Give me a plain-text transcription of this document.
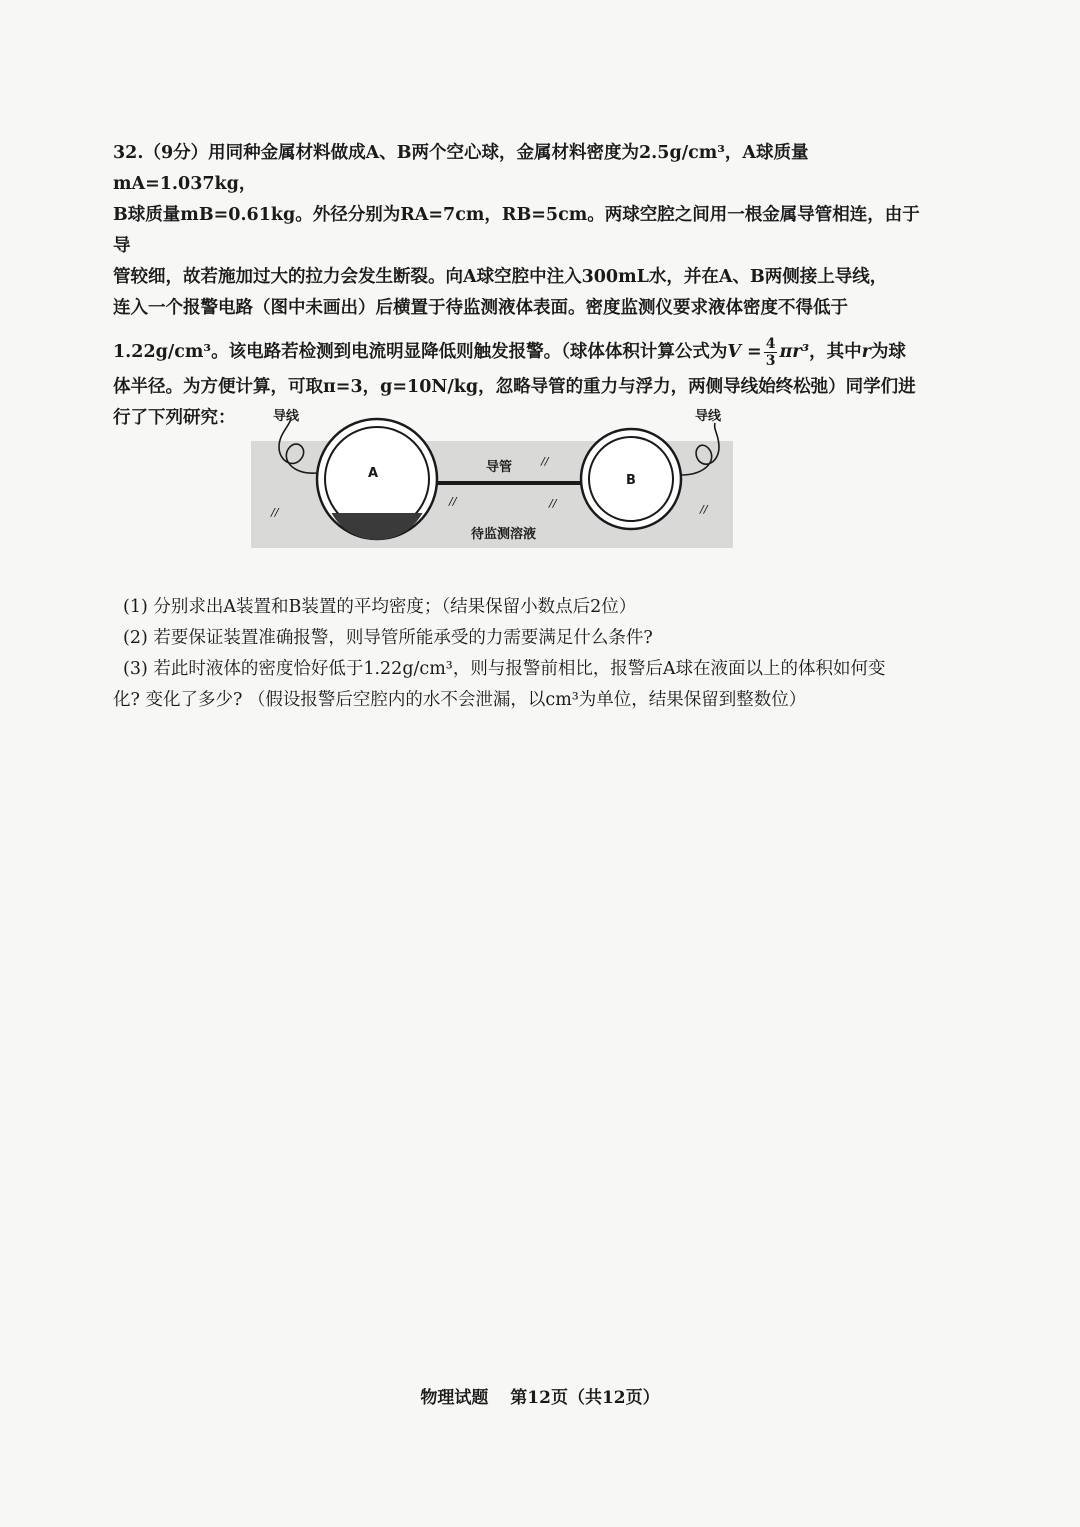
32.（9分）用同种金属材料做成A、B两个空心球，金属材料密度为2.5g/cm³，A球质量mA=1.037kg，

B球质量mB=0.61kg。外径分别为RA=7cm，RB=5cm。两球空腔之间用一根金属导管相连，由于导

管较细，故若施加过大的拉力会发生断裂。向A球空腔中注入300mL水，并在A、B两侧接上导线，

连入一个报警电路（图中未画出）后横置于待监测液体表面。密度监测仪要求液体密度不得低于

1.22g/cm³。该电路若检测到电流明显降低则触发报警。（球体体积计算公式为$V = \frac{4}{3} \pi r^3$，其中r为球

体半径。为方便计算，可取π=3，g=10N/kg，忽略导管的重力与浮力，两侧导线始终松弛）同学们进

行了下列研究：	导线	导线
A	B
导管
待监测溶液
//
//
//
//	//

(1) 分别求出A装置和B装置的平均密度；（结果保留小数点后2位）

(2) 若要保证装置准确报警，则导管所能承受的力需要满足什么条件?

(3) 若此时液体的密度恰好低于1.22g/cm³，则与报警前相比，报警后A球在液面以上的体积如何变

化? 变化了多少? （假设报警后空腔内的水不会泄漏，以cm³为单位，结果保留到整数位）

物理试题 第12页（共12页）
